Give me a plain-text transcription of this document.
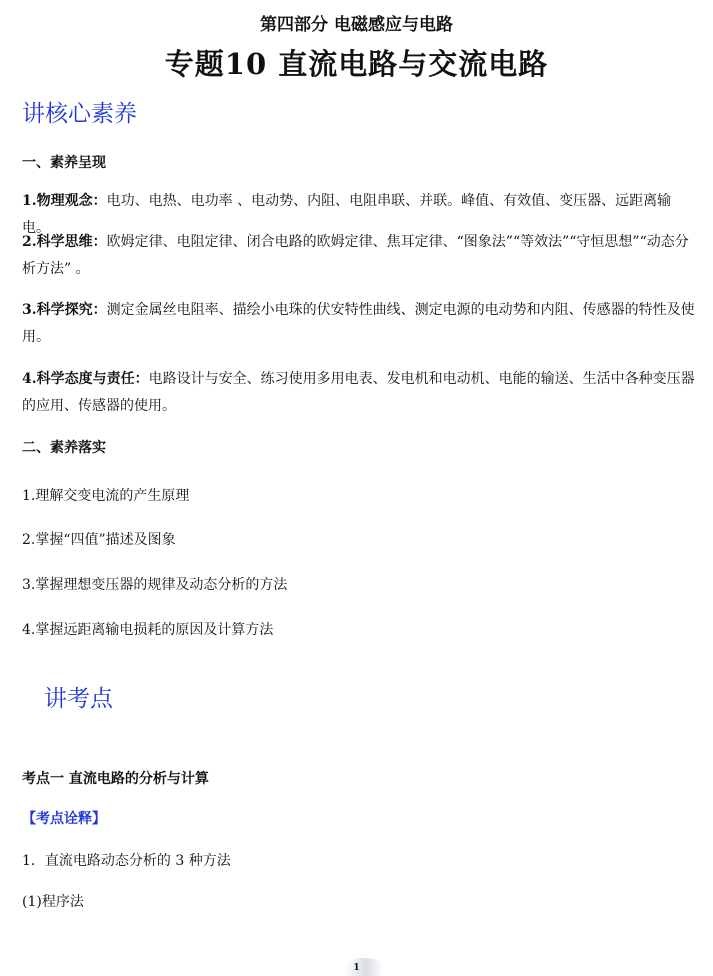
第四部分 电磁感应与电路
专题10 直流电路与交流电路
讲核心素养
一、素养呈现
1.物理观念：电功、电热、电功率 、电动势、内阻、电阻串联、并联。峰值、有效值、变压器、远距离输电。
2.科学思维：欧姆定律、电阻定律、闭合电路的欧姆定律、焦耳定律、“图象法”“等效法”“守恒思想”“动态分析方法” 。
3.科学探究：测定金属丝电阻率、描绘小电珠的伏安特性曲线、测定电源的电动势和内阻、传感器的特性及使用。
4.科学态度与责任：电路设计与安全、练习使用多用电表、发电机和电动机、电能的输送、生活中各种变压器的应用、传感器的使用。
二、素养落实
1.理解交变电流的产生原理
2.掌握“四值”描述及图象
3.掌握理想变压器的规律及动态分析的方法
4.掌握远距离输电损耗的原因及计算方法
讲考点
考点一 直流电路的分析与计算
【考点诠释】
1．直流电路动态分析的 3 种方法
(1)程序法
1
